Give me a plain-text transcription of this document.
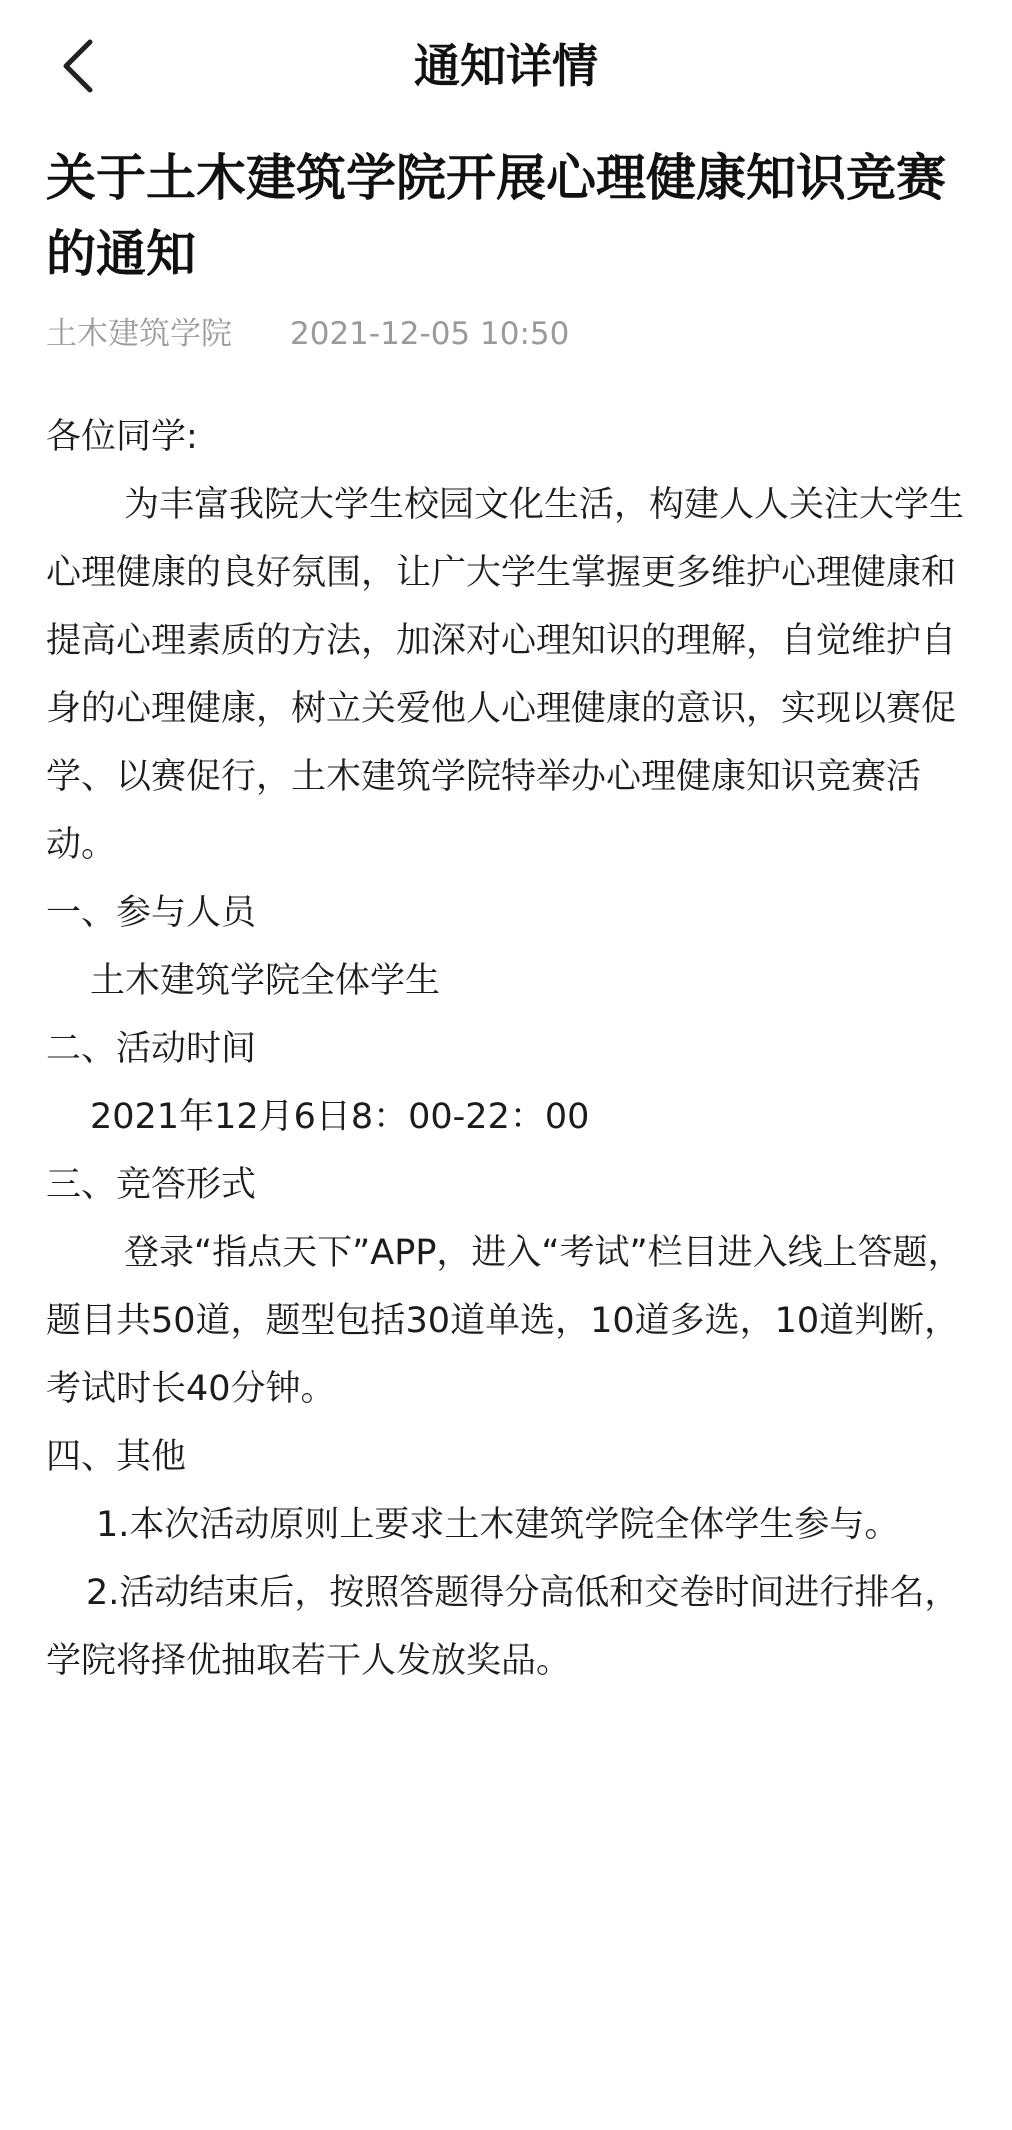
通知详情
关于土木建筑学院开展心理健康知识竞赛的通知
土木建筑学院 2021-12-05 10:50

各位同学:

为丰富我院大学生校园文化生活，构建人人关注大学生心理健康的良好氛围，让广大学生掌握更多维护心理健康和提高心理素质的方法，加深对心理知识的理解，自觉维护自身的心理健康，树立关爱他人心理健康的意识，实现以赛促学、以赛促行，土木建筑学院特举办心理健康知识竞赛活动。

一、参与人员

土木建筑学院全体学生

二、活动时间

2021年12月6日8：00-22：00

三、竞答形式

登录“指点天下”APP，进入“考试”栏目进入线上答题，题目共50道，题型包括30道单选，10道多选，10道判断，考试时长40分钟。

四、其他

1.本次活动原则上要求土木建筑学院全体学生参与。

2.活动结束后，按照答题得分高低和交卷时间进行排名，学院将择优抽取若干人发放奖品。
